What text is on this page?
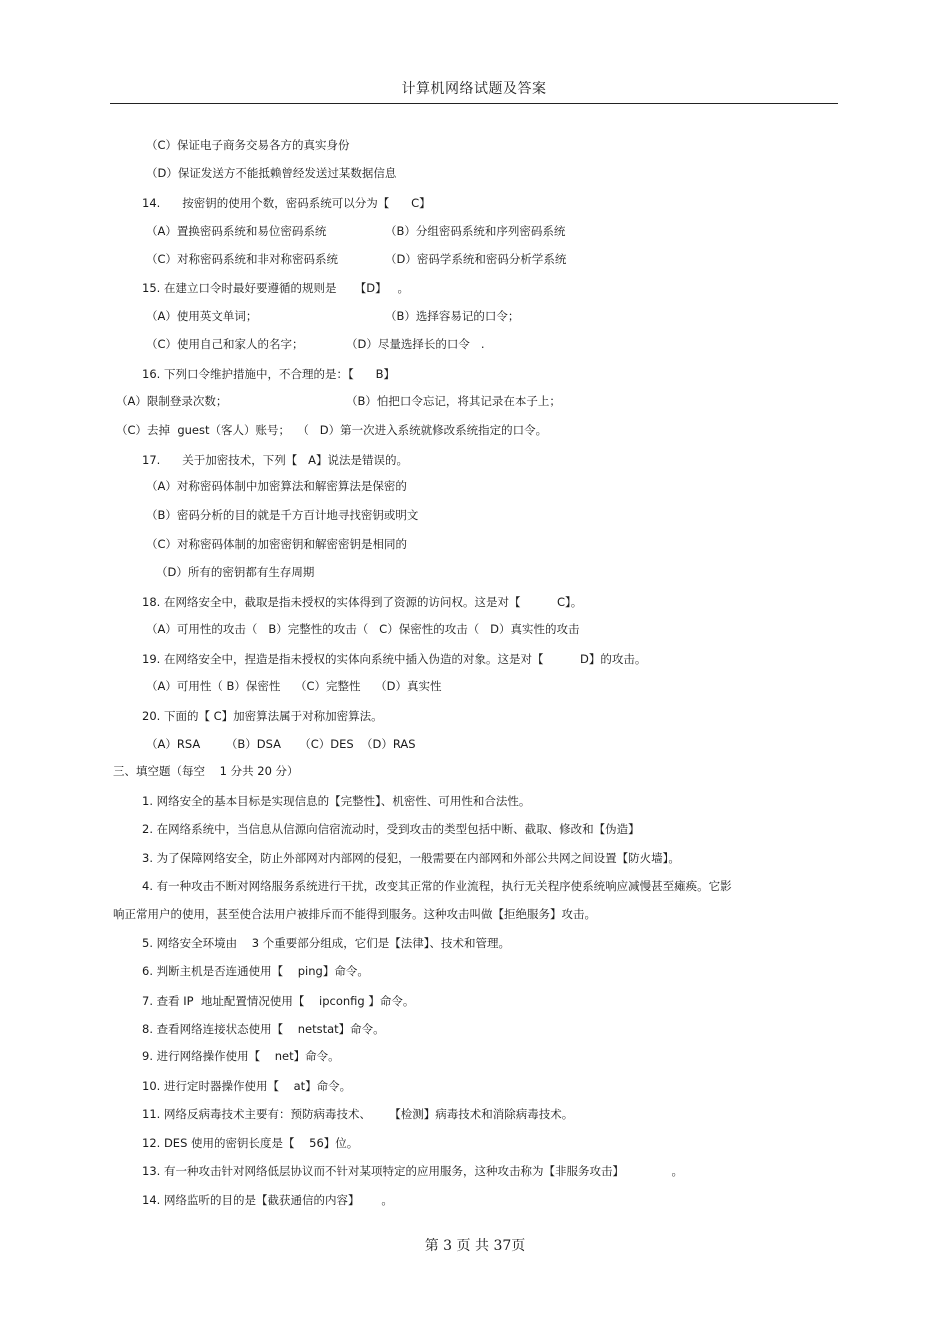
计算机网络试题及答案
（C）保证电子商务交易各方的真实身份
（D）保证发送方不能抵赖曾经发送过某数据信息
14.      按密钥的使用个数，密码系统可以分为【      C】
（A）置换密码系统和易位密码系统	（B）分组密码系统和序列密码系统
（C）对称密码系统和非对称密码系统	（D）密码学系统和密码分析学系统
15. 在建立口令时最好要遵循的规则是     【D】   。
（A）使用英文单词；	（B）选择容易记的口令；
（C）使用自己和家人的名字；	（D）尽量选择长的口令   .
16. 下列口令维护措施中，不合理的是：【      B】
（A）限制登录次数；	（B）怕把口令忘记，将其记录在本子上；
（C）去掉  guest（客人）账号；  （   D）第一次进入系统就修改系统指定的口令。
17.      关于加密技术，下列【   A】说法是错误的。
（A）对称密码体制中加密算法和解密算法是保密的
（B）密码分析的目的就是千方百计地寻找密钥或明文
（C）对称密码体制的加密密钥和解密密钥是相同的
（D）所有的密钥都有生存周期
18. 在网络安全中，截取是指未授权的实体得到了资源的访问权。这是对【          C】。
（A）可用性的攻击（   B）完整性的攻击（   C）保密性的攻击（   D）真实性的攻击
19. 在网络安全中，捏造是指未授权的实体向系统中插入伪造的对象。这是对【          D】的攻击。
（A）可用性（ B）保密性    （C）完整性    （D）真实性
20. 下面的【 C】加密算法属于对称加密算法。
（A）RSA       （B）DSA     （C）DES  （D）RAS
三、填空题（每空    1 分共 20 分）
1. 网络安全的基本目标是实现信息的【完整性】、机密性、可用性和合法性。
2. 在网络系统中，当信息从信源向信宿流动时，受到攻击的类型包括中断、截取、修改和【伪造】
3. 为了保障网络安全，防止外部网对内部网的侵犯，一般需要在内部网和外部公共网之间设置【防火墙】。
4. 有一种攻击不断对网络服务系统进行干扰，改变其正常的作业流程，执行无关程序使系统响应减慢甚至瘫痪。它影
响正常用户的使用，甚至使合法用户被排斥而不能得到服务。这种攻击叫做【拒绝服务】攻击。
5. 网络安全环境由    3 个重要部分组成，它们是【法律】、技术和管理。
6. 判断主机是否连通使用【    ping】命令。
7. 查看 IP  地址配置情况使用【    ipconfig 】命令。
8. 查看网络连接状态使用【    netstat】命令。
9. 进行网络操作使用【    net】命令。
10. 进行定时器操作使用【    at】命令。
11. 网络反病毒技术主要有：预防病毒技术、     【检测】病毒技术和消除病毒技术。
12. DES 使用的密钥长度是【    56】位。
13. 有一种攻击针对网络低层协议而不针对某项特定的应用服务，这种攻击称为【非服务攻击】             。
14. 网络监听的目的是【截获通信的内容】      。
第 3 页 共 37页
